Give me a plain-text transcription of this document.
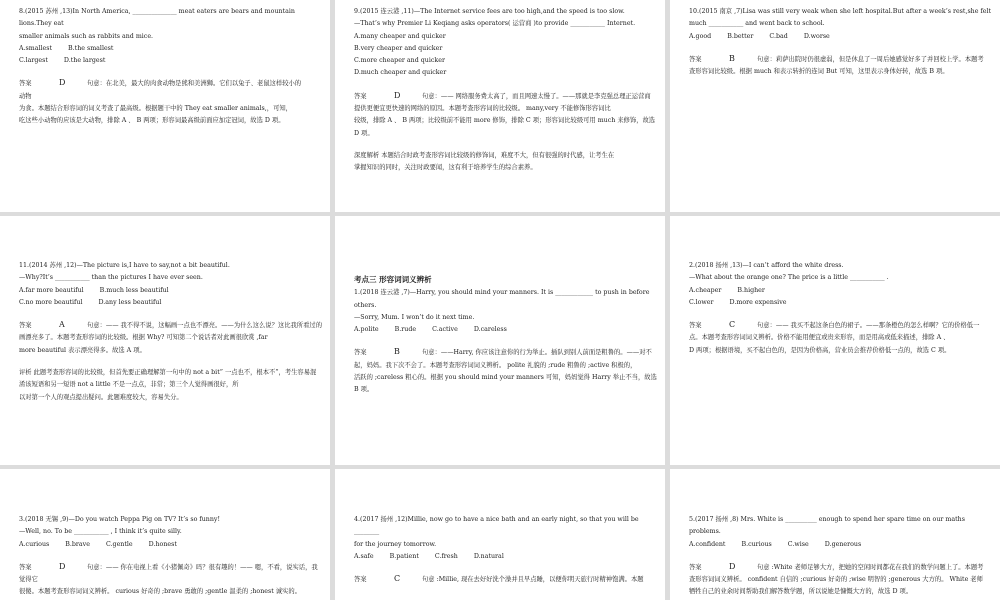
8.(2015 苏州 ,13)In North America, ______________ meat eaters are bears and mountain lions.They eat

smaller animals such as rabbits and mice.

A.smallest	B.the smallest

C.largest	D.the largest

答案	D	句意：在北美，最大的肉食动物是熊和美洲狮。它们以兔子、老鼠这样较小的

动物

为食。本题结合形容词的词义考查了最高级。根据题干中的 They eat smaller animals,，可知，

吃这些小动物的应该是大动物，排除 A 、 B 两项；形容词最高级前面应加定冠词，故选 D 项。

9.(2015 连云港 ,11)—The Internet service fees are too high,and the speed is too slow.

—That’s why Premier Li Keqiang asks operators( 运营商 )to provide ___________ Internet.

A.many cheaper and quicker

B.very cheaper and quicker

C.more cheaper and quicker

D.much cheaper and quicker

答案	D	句意：—— 网络服务费太高了，而且网速太慢了。——那就是李克强总理正运营商

提供更便宜更快速的网络的原因。本题考查形容词的比较级。 many,very 不能修饰形容词比

较级，排除 A 、 B 两项；比较级前不能用 more 修饰，排除 C 项；形容词比较级可用 much 来修饰，故选

D 项。

深度解析 本题结合时政考查形容词比较级的修饰词，难度不大，但有很强的时代感，让考生在

掌握知识的同时，关注时政要闻，这有利于培养学生的综合素养。

10.(2015 南京 ,7)Lisa was still very weak when she left hospital.But after a week’s rest,she felt

much ___________ and went back to school.

A.good	B.better	C.bad	D.worse

答案	B	句意：莉萨出院时仍很虚弱，但是休息了一周后她感觉好多了并回校上学。本题考

查形容词比较级。根据 much 和表示转折的连词 But 可知，这里表示身体好转，故选 B 项。

11.(2014 苏州 ,12)—The picture is,I have to say,not a bit beautiful.

—Why?It’s ___________ than the pictures I have ever seen.

A.far more beautiful	B.much less beautiful

C.no more beautiful	D.any less beautiful

答案	A	句意：—— 我不得不说，这幅画一点也不漂亮。——为什么这么说？这比我所看过的

画漂亮多了。本题考查形容词的比较级。根据 Why? 可知第二个说话者对此画很欣赏 ,far

more beautiful 表示漂亮得多。故选 A 项。

评析 此题考查形容词的比较级，但首先要正确理解第一句中的 not a bit” 一点也不，根本不”，考生容易混淆该短语和另一短语 not a little 不是一点点，非常；第三个人觉得画很好，所

以对第一个人的观点提出疑问。此题难度较大，容易失分。

考点三 形容词词义辨析

1.(2018 连云港 ,7)—Harry, you should mind your manners. It is ____________ to push in before others.

—Sorry, Mum. I won’t do it next time.

A.polite	B.rude	C.active	D.careless

答案	B	句意：——Harry, 你应该注意你的行为举止。插队到别人前面是粗鲁的。——对不

起，妈妈。我下次不会了。本题考查形容词词义辨析。 polite 礼貌的 ;rude 粗鲁的 ;active 积极的，

活跃的 ;careless 粗心的。根据 you should mind your manners 可知，妈妈觉得 Harry 举止不当，故选

B 项。

2.(2018 扬州 ,13)—I can’t afford the white dress.

—What about the orange one? The price is a little ___________ .

A.cheaper	B.higher

C.lower	D.more expensive

答案	C	句意：—— 我买不起这条白色的裙子。——那条橙色的怎么样啊？它的价格低一

点。本题考查形容词词义辨析。价格不能用便宜或贵来形容，而是用高或低来描述，排除 A 、

D 两项；根据语境，买不起白色的，是因为价格高，营业员会推荐价格低一点的，故选 C 项。

3.(2018 无锡 ,9)—Do you watch Peppa Pig on TV? It’s so funny!

—Well, no. To be ___________ , I think it’s quite silly.

A.curious	B.brave	C.gentle	D.honest

答案	D	句意：—— 你在电视上看《小猪佩奇》吗？很有趣的！—— 嗯，不看，说实话，我觉得它

很傻。本题考查形容词词义辨析。 curious 好奇的 ;brave 勇敢的 ;gentle 温柔的 ;honest 诚实的。

4.(2017 扬州 ,12)Millie, now go to have a nice bath and an early night, so that you will be ________

for the journey tomorrow.

A.safe	B.patient	C.fresh	D.natural

答案	C	句意 :Millie, 现在去好好洗个澡并且早点睡，以便你明天旅行时精神饱满。本题

5.(2017 扬州 ,8) Mrs. White is __________ enough to spend her spare time on our maths problems.

A.confident	B.curious	C.wise	D.generous

答案	D	句意 :White 老师足够大方，把她的空闲时间都花在我们的数学问题上了。本题考

查形容词词义辨析。 confident 自信的 ;curious 好奇的 ;wise 明智的 ;generous 大方的。 White 老师

牺牲自己的业余时间帮助我们解答数学题，所以说她是慷慨大方的，故选 D 项。
